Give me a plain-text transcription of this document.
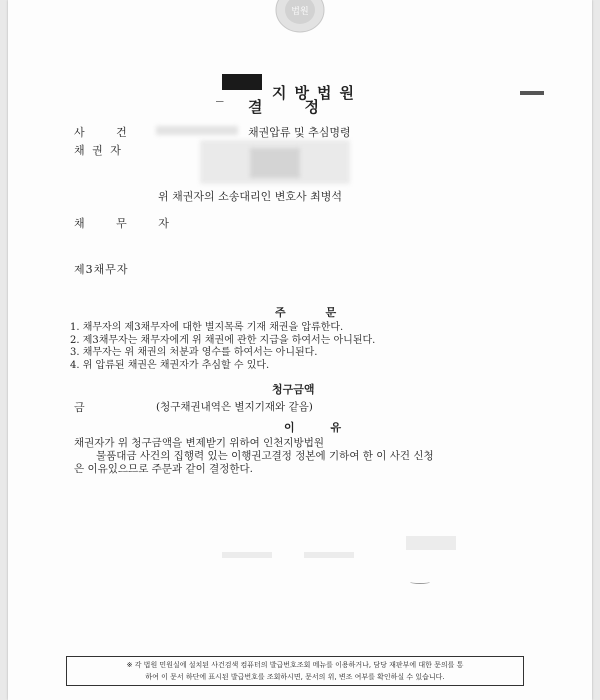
법원
_	지방법원
결정
사 건	채권압류 및 추심명령
채 권 자
위 채권자의 소송대리인 변호사 최병석
채 무 자
제3채무자
주 문
1. 채무자의 제3채무자에 대한 별지목록 기재 채권을 압류한다.
2. 제3채무자는 채무자에게 위 채권에 관한 지급을 하여서는 아니된다.
3. 채무자는 위 채권의 처분과 영수를 하여서는 아니된다.
4. 위 압류된 채권은 채권자가 추심할 수 있다.
청구금액
금	(청구채권내역은 별지기재와 같음)
이 유

채권자가 위 청구금액을 변제받기 위하여 인천지방법원

물품대금 사건의 집행력 있는 이행권고결정 정본에 기하여 한 이 사건 신청

은 이유있으므로 주문과 같이 결정한다.

※ 각 법원 민원실에 설치된 사건검색 컴퓨터의 발급번호조회 메뉴를 이용하거나, 담당 재판부에 대한 문의를 통
하여 이 문서 하단에 표시된 발급번호를 조회하시면, 문서의 위, 변조 여부를 확인하실 수 있습니다.
